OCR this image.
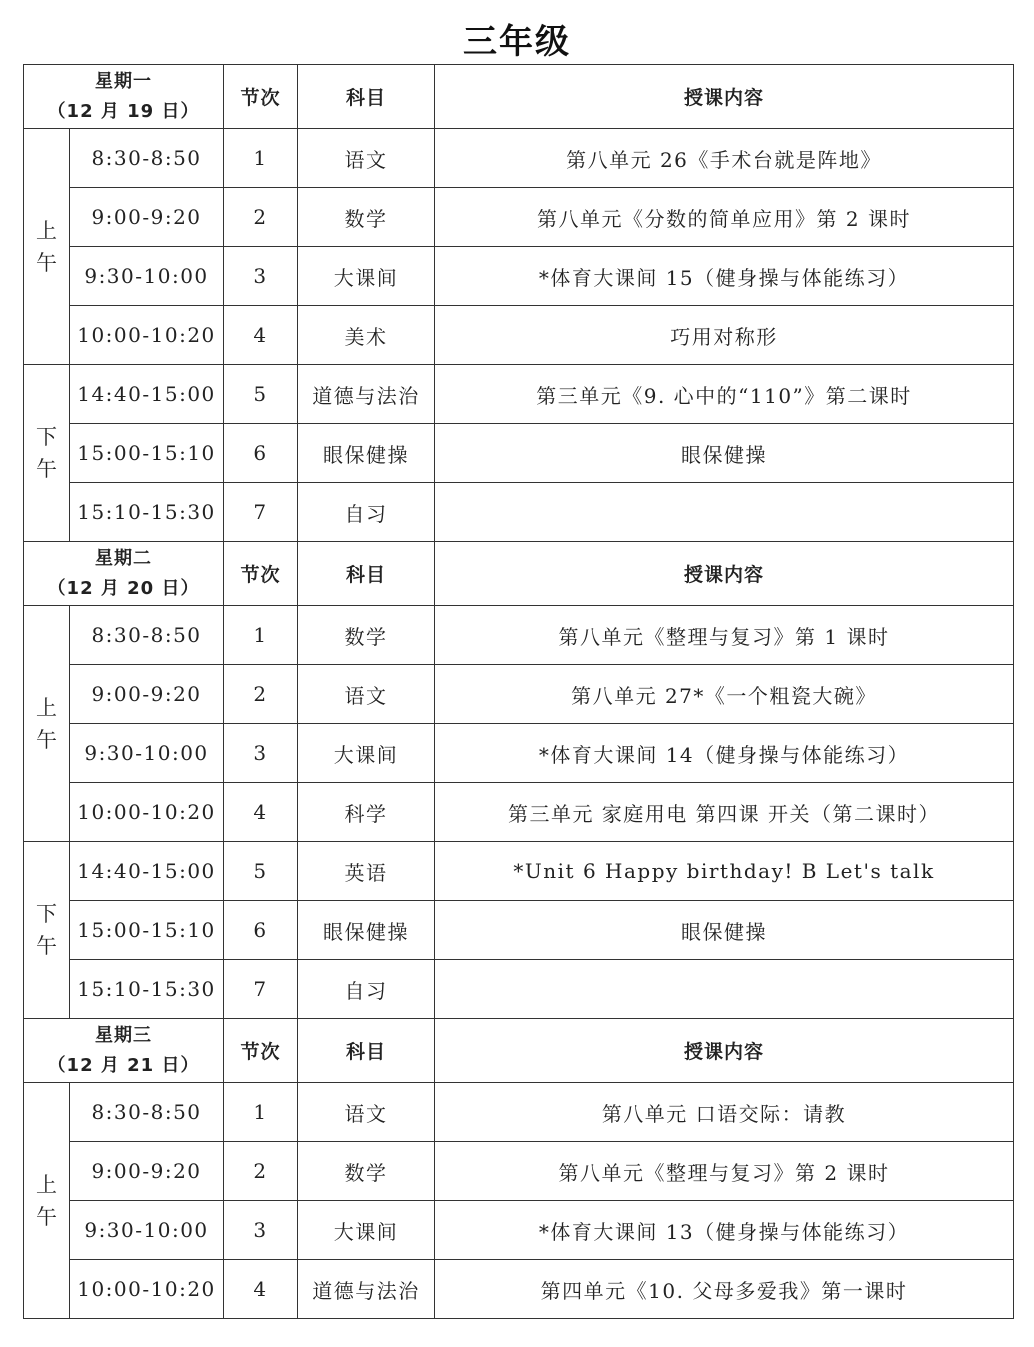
三年级
星期一
（12 月 19 日）		节次	科目	授课内容
上午	8:30-8:50	1	语文	第八单元 26《手术台就是阵地》
	9:00-9:20	2	数学	第八单元《分数的简单应用》第 2 课时
	9:30-10:00	3	大课间	*体育大课间 15（健身操与体能练习）
	10:00-10:20	4	美术	巧用对称形
下午	14:40-15:00	5	道德与法治	第三单元《9. 心中的“110”》第二课时
	15:00-15:10	6	眼保健操	眼保健操
	15:10-15:30	7	自习	

星期二
（12 月 20 日）		节次	科目	授课内容
上午	8:30-8:50	1	数学	第八单元《整理与复习》第 1 课时
	9:00-9:20	2	语文	第八单元 27*《一个粗瓷大碗》
	9:30-10:00	3	大课间	*体育大课间 14（健身操与体能练习）
	10:00-10:20	4	科学	第三单元 家庭用电 第四课 开关（第二课时）
下午	14:40-15:00	5	英语	*Unit 6 Happy birthday! B Let's talk
	15:00-15:10	6	眼保健操	眼保健操
	15:10-15:30	7	自习	

星期三
（12 月 21 日）		节次	科目	授课内容
上午	8:30-8:50	1	语文	第八单元 口语交际：请教
	9:00-9:20	2	数学	第八单元《整理与复习》第 2 课时
	9:30-10:00	3	大课间	*体育大课间 13（健身操与体能练习）
	10:00-10:20	4	道德与法治	第四单元《10. 父母多爱我》第一课时
